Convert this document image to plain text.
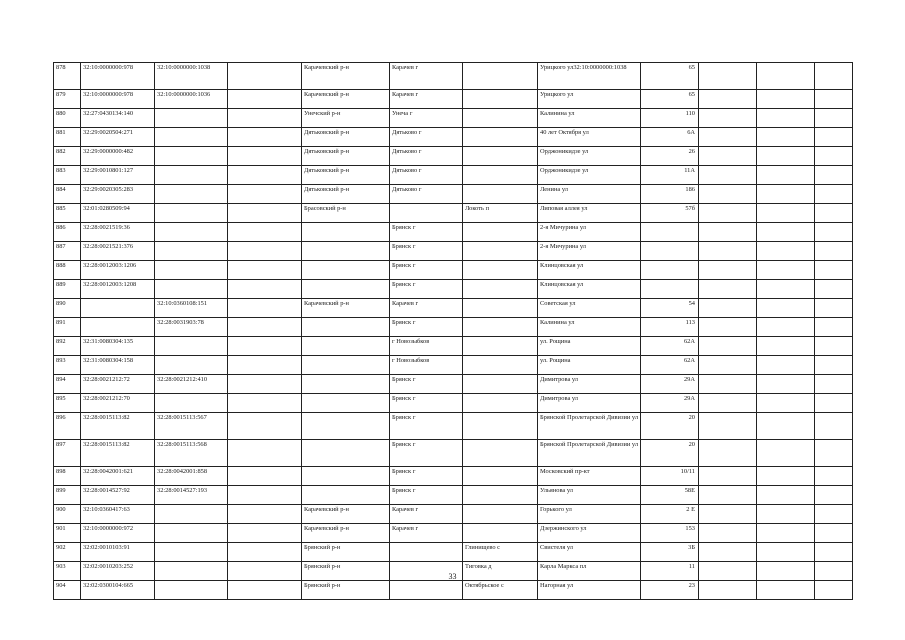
878	32:10:0000000:978	32:10:0000000:1038		Карачевский р-н	Карачев г		Урицкого ул32:10:0000000:1038	65			
879	32:10:0000000:978	32:10:0000000:1036		Карачевский р-н	Карачев г		Урицкого ул	65			
880	32:27:0430134:140			Унечский р-н	Унеча г		Калинина ул	110			
881	32:29:0020504:271			Дятьковский р-н	Дятьково г		40 лет Октября ул	6А			
882	32:29:0000000:482			Дятьковский р-н	Дятьково г		Орджоникидзе ул	26			
883	32:29:0010801:127			Дятьковский р-н	Дятьково г		Орджоникидзе ул	11А			
884	32:29:0020305:283			Дятьковский р-н	Дятьково г		Ленина ул	186			
885	32:01:0280509:94			Брасовский р-н		Локоть п	Липовая аллея ул	57б			
886	32:28:0021519:36				Брянск г		2-я Мичурина ул				
887	32:28:0021521:376				Брянск г		2-я Мичурина ул				
888	32:28:0012003:1206				Брянск г		Клинцовская ул				
889	32:28:0012003:1208				Брянск г		Клинцовская ул				
890		32:10:0360108:151		Карачевский р-н	Карачев г		Советская ул	54			
891		32:28:0031903:78			Брянск г		Калинина ул	113			
892	32:31:0080304:135				г Новозыбков		ул. Рощина	62А			
893	32:31:0080304:158				г Новозыбков		ул. Рощина	62А			
894	32:28:0021212:72	32:28:0021212:410			Брянск г		Димитрова ул	29А			
895	32:28:0021212:70				Брянск г		Димитрова ул	29А			
896	32:28:0015113:82	32:28:0015113:567			Брянск г		Брянской Пролетарской Дивизии ул	20			
897	32:28:0015113:82	32:28:0015113:568			Брянск г		Брянской Пролетарской Дивизии ул	20			
898	32:28:0042001:621	32:28:0042001:858			Брянск г		Московский пр-кт	10/11			
899	32:28:0014527:92	32:28:0014527:193			Брянск г		Ульянова ул	58Е			
900	32:10:0360417:63			Карачевский р-н	Карачев г		Горького ул	2 Е			
901	32:10:0000000:972			Карачевский р-н	Карачев г		Дзержинского ул	153			
902	32:02:0010103:91			Брянский р-н		Глинищево с	Свистеля ул	3Б			
903	32:02:0010203:252			Брянский р-н		Тиговка д	Карла Маркса пл	11			
904	32:02:0300104:665			Брянский р-н		Октябрьское с	Нагорная ул	23			
33
